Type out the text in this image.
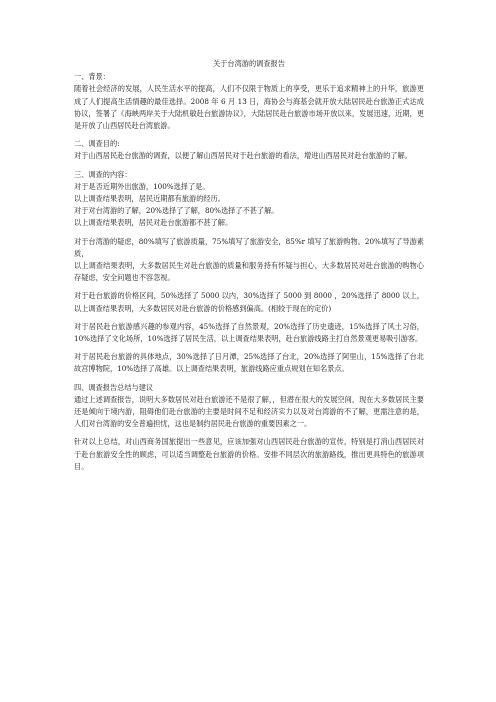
关于台湾游的调查报告

一、背景：

随着社会经济的发展，人民生活水平的提高，人们不仅限于物质上的享受，更乐于追求精神上的升华，旅游更成了人们提高生活情趣的最佳选择。2008 年 6 月 13 日，海协会与海基会就开放大陆居民赴台旅游正式达成协议，签署了《海峡两岸关于大陆机敏赴台旅游协议》，大陆居民赴台旅游市场开放以来，发展迅速，近期，更是开放了山西居民赴台湾旅游。

二、调查目的:

对于山西居民赴台旅游的调查，以便了解山西居民对于赴台旅游的看法，增进山西居民对赴台旅游的了解。

三、调查的内容：

对于是否近期外出旅游，100%选择了是。

以上调查结果表明，居民近期都有旅游的经历。

对于对台湾游的了解，20%选择了了解，80%选择了不甚了解。

以上调查结果表明，居民对赴台旅游都不甚了解。

对于台湾游的疑虑，80%填写了旅游质量，75%填写了旅游安全，85%r 填写了旅游购物。20%填写了导游素质，

以上调查结果表明，大多数居民生对赴台旅游的质量和服务持有怀疑与担心，大多数居民对赴台旅游的购物心存疑虑，安全问题也不容忽视。

对于赴台旅游的价格区间，50%选择了 5000 以内，30%选择了 5000 到 8000 ，20%选择了 8000 以上，以上调查结果表明，大多数居民对赴台旅游的价格感到偏高。(相较于现在的定价)

对于居民赴台旅游感兴趣的参观内容，45%选择了自然景观，20%选择了历史遗迹，15%选择了风土习俗，10%选择了文化场所，10%选择了居民生活，以上调查结果表明，赴台旅游线路主打自然景观更易吸引游客。

对于居民赴台旅游的具体地点，30%选择了日月潭，25%选择了台北，20%选择了阿里山，15%选择了台北故宫博物院，10%选择了高雄。以上调查结果表明，旅游线路应重点规划在知名景点。

四、调查报告总结与建议

通过上述调查报告，说明大多数居民对赴台旅游还不是很了解，，但潜在很大的发展空间，现在大多数居民主要还是倾向于境内游，阻碍他们赴台旅游的主要是时间不足和经济实力以及对台湾游的不了解，更需注意的是，人们对台湾游的安全普遍担忧，这也是制约居民赴台旅游的重要因素之一。

针对以上总结，对山西商务国旅提出一些意见，应该加强对山西居民赴台旅游的宣传，特别是打消山西居民对于赴台旅游安全性的顾虑，可以适当调整赴台旅游的价格。安排不同层次的旅游路线，推出更具特色的旅游项目。
